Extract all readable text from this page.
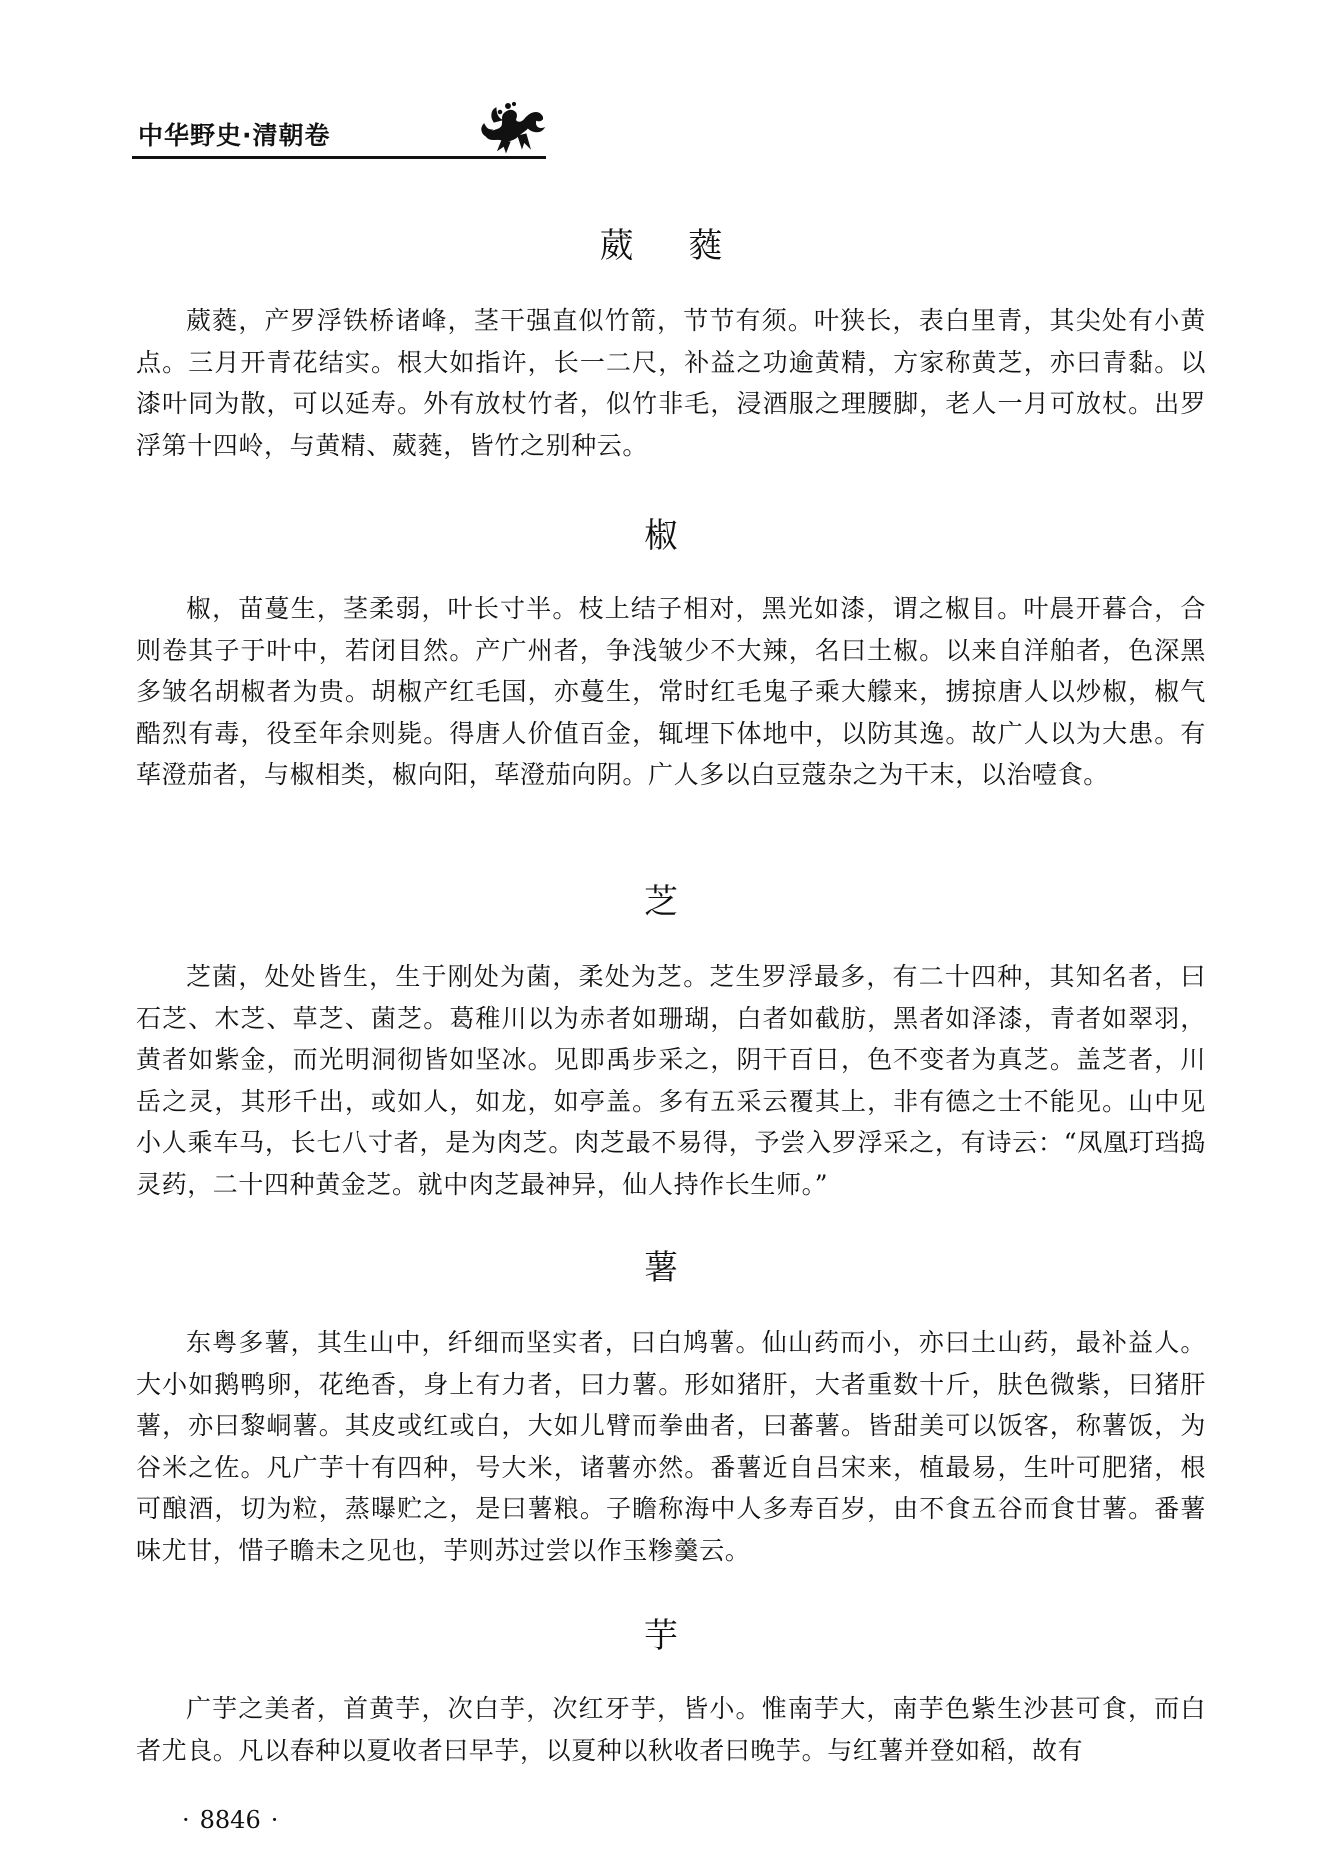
中华野史·清朝卷
葳 蕤
葳蕤，产罗浮铁桥诸峰，茎干强直似竹箭，节节有须。叶狭长，表白里青，其尖处有小黄点。三月开青花结实。根大如指许，长一二尺，补益之功逾黄精，方家称黄芝，亦曰青黏。以漆叶同为散，可以延寿。外有放杖竹者，似竹非毛，浸酒服之理腰脚，老人一月可放杖。出罗浮第十四岭，与黄精、葳蕤，皆竹之别种云。
椒
椒，苗蔓生，茎柔弱，叶长寸半。枝上结子相对，黑光如漆，谓之椒目。叶晨开暮合，合则卷其子于叶中，若闭目然。产广州者，争浅皱少不大辣，名曰土椒。以来自洋舶者，色深黑多皱名胡椒者为贵。胡椒产红毛国，亦蔓生，常时红毛鬼子乘大艨来，掳掠唐人以炒椒，椒气酷烈有毒，役至年余则毙。得唐人价值百金，辄埋下体地中，以防其逸。故广人以为大患。有荜澄茄者，与椒相类，椒向阳，荜澄茄向阴。广人多以白豆蔻杂之为干末，以治噎食。
芝
芝菌，处处皆生，生于刚处为菌，柔处为芝。芝生罗浮最多，有二十四种，其知名者，曰石芝、木芝、草芝、菌芝。葛稚川以为赤者如珊瑚，白者如截肪，黑者如泽漆，青者如翠羽，黄者如紫金，而光明洞彻皆如坚冰。见即禹步采之，阴干百日，色不变者为真芝。盖芝者，川岳之灵，其形千出，或如人，如龙，如亭盖。多有五采云覆其上，非有德之士不能见。山中见小人乘车马，长七八寸者，是为肉芝。肉芝最不易得，予尝入罗浮采之，有诗云：“凤凰玎珰捣灵药，二十四种黄金芝。就中肉芝最神异，仙人持作长生师。”
薯
东粤多薯，其生山中，纤细而坚实者，曰白鸠薯。仙山药而小，亦曰土山药，最补益人。大小如鹅鸭卵，花绝香，身上有力者，曰力薯。形如猪肝，大者重数十斤，肤色微紫，曰猪肝薯，亦曰黎峒薯。其皮或红或白，大如儿臂而拳曲者，曰蕃薯。皆甜美可以饭客，称薯饭，为谷米之佐。凡广芋十有四种，号大米，诸薯亦然。番薯近自吕宋来，植最易，生叶可肥猪，根可酿酒，切为粒，蒸曝贮之，是曰薯粮。子瞻称海中人多寿百岁，由不食五谷而食甘薯。番薯味尤甘，惜子瞻未之见也，芋则苏过尝以作玉糁羹云。
芋
广芋之美者，首黄芋，次白芋，次红牙芋，皆小。惟南芋大，南芋色紫生沙甚可食，而白者尤良。凡以春种以夏收者曰早芋，以夏种以秋收者曰晚芋。与红薯并登如稻，故有
· 8846 ·
